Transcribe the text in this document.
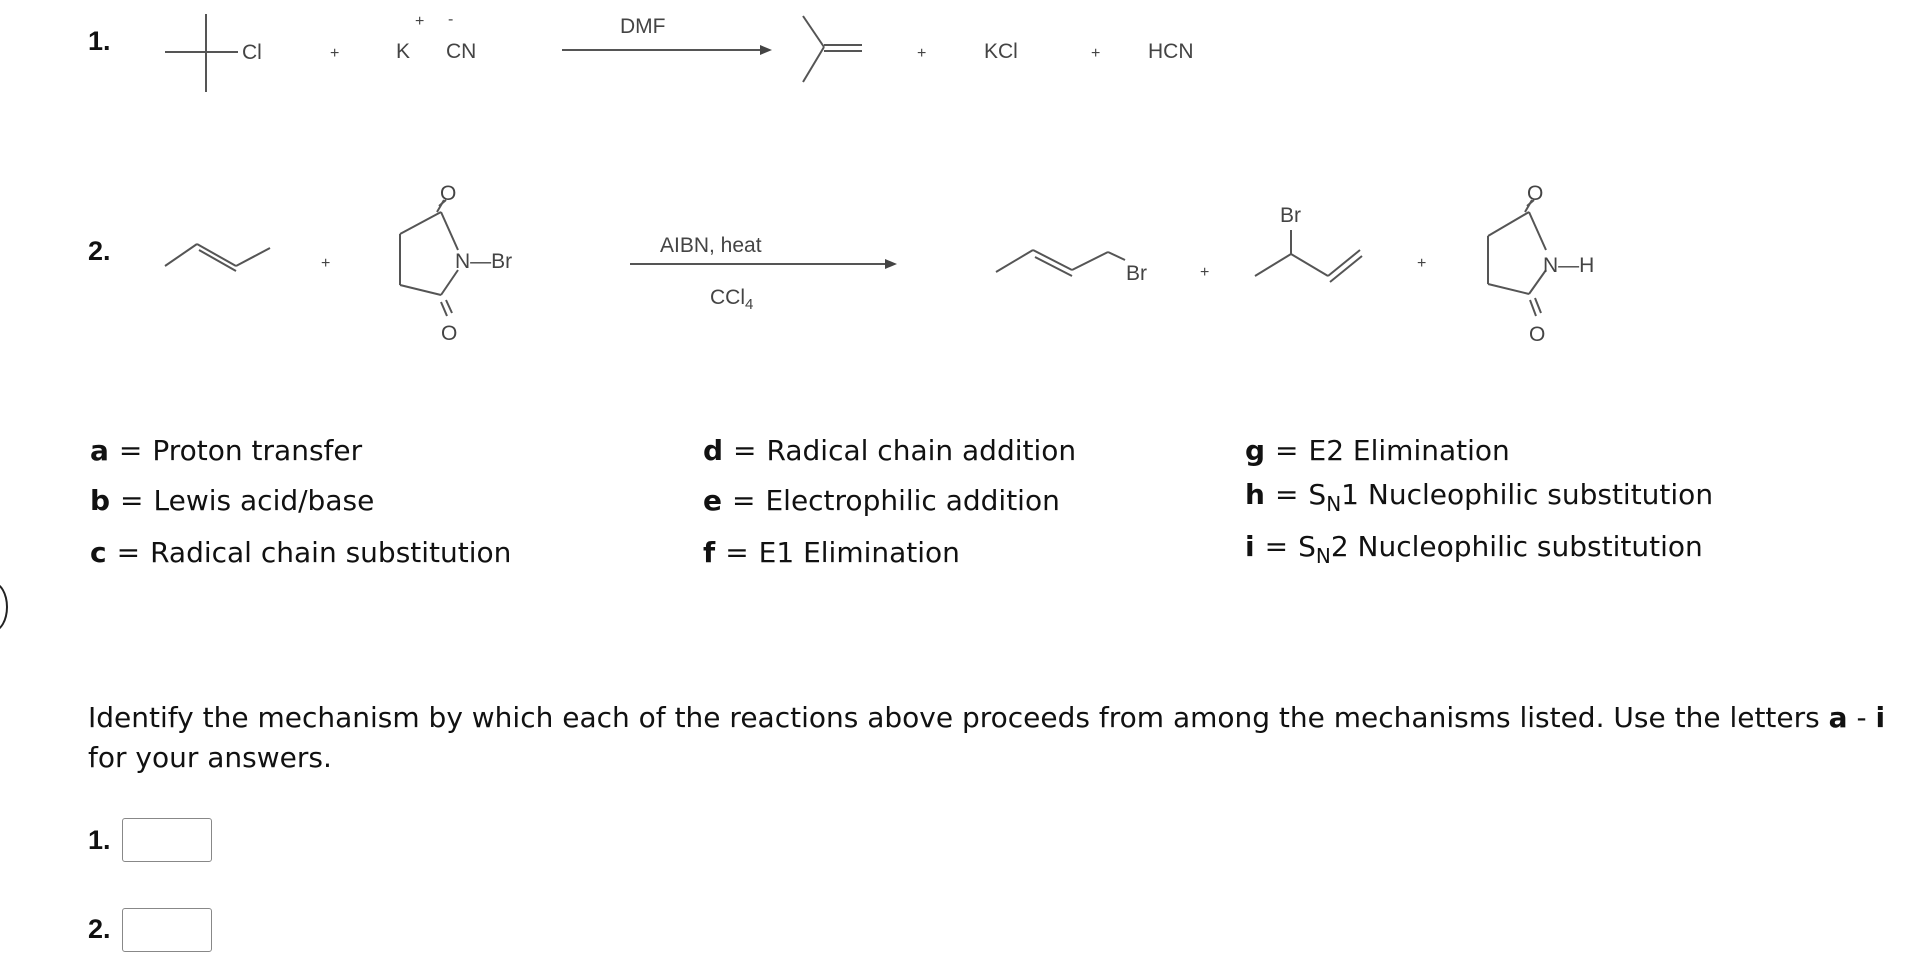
1.
2.
Cl	+
+ -
K CN
DMF
+	KCl	+ HCN
+
O
N—Br
O
AIBN, heat
CCl$_4$
Br	+
Br
+
O
N—H
O
a = Proton transfer
b = Lewis acid/base
c = Radical chain substitution
d = Radical chain addition
e = Electrophilic addition
f = E1 Elimination
g = E2 Elimination
$h = S_N1$ Nucleophilic substitution
$i = S_N2$ Nucleophilic substitution
Identify the mechanism by which each of the reactions above proceeds from among the mechanisms listed. Use the letters a - i for your answers.
1.
2.
